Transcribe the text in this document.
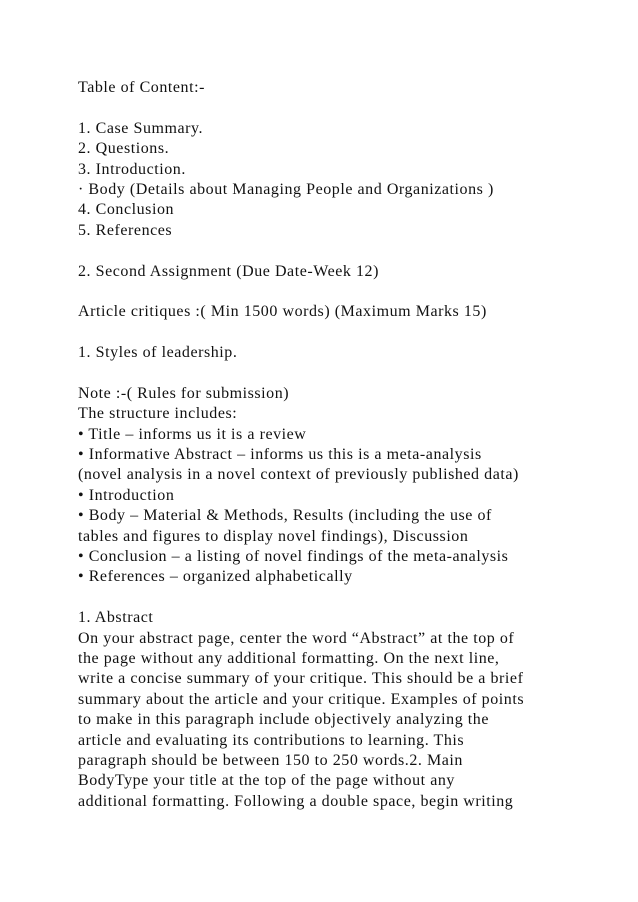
Table of Content:-
1. Case Summary.
2. Questions.
3. Introduction.
· Body (Details about Managing People and Organizations )
4. Conclusion
5. References
2. Second Assignment (Due Date-Week 12)
Article critiques :( Min 1500 words) (Maximum Marks 15)
1. Styles of leadership.
Note :-( Rules for submission)
The structure includes:
• Title – informs us it is a review
• Informative Abstract – informs us this is a meta-analysis
(novel analysis in a novel context of previously published data)
• Introduction
• Body – Material & Methods, Results (including the use of
tables and figures to display novel findings), Discussion
• Conclusion – a listing of novel findings of the meta-analysis
• References – organized alphabetically
1. Abstract
On your abstract page, center the word “Abstract” at the top of
the page without any additional formatting. On the next line,
write a concise summary of your critique. This should be a brief
summary about the article and your critique. Examples of points
to make in this paragraph include objectively analyzing the
article and evaluating its contributions to learning. This
paragraph should be between 150 to 250 words.2. Main
BodyType your title at the top of the page without any
additional formatting. Following a double space, begin writing
